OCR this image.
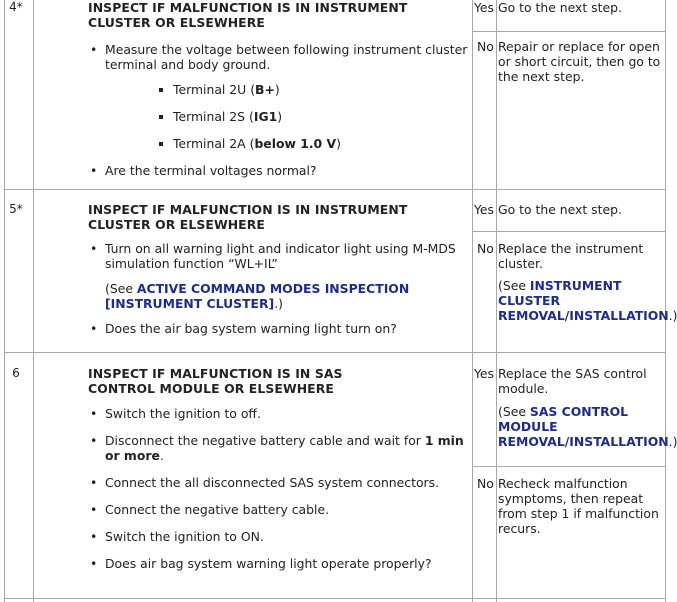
4*	INSPECT IF MALFUNCTION IS IN INSTRUMENT
CLUSTER OR ELSEWHERE

• Measure the voltage between following instrument cluster terminal and body ground.
Terminal 2U (B+)
Terminal 2S (IG1)
Terminal 2A (below 1.0 V)
• Are the terminal voltages normal?
Yes Go to the next step.
No Repair or replace for open or short circuit, then go to the next step.
5*	INSPECT IF MALFUNCTION IS IN INSTRUMENT
CLUSTER OR ELSEWHERE

• Turn on all warning light and indicator light using M-MDS simulation function “WL+IL”
(See ACTIVE COMMAND MODES INSPECTION [INSTRUMENT CLUSTER].)
• Does the air bag system warning light turn on?
Yes Go to the next step.
No Replace the instrument cluster.
(See INSTRUMENT CLUSTER REMOVAL/INSTALLATION.)
6	INSPECT IF MALFUNCTION IS IN SAS
CONTROL MODULE OR ELSEWHERE

• Switch the ignition to off.
• Disconnect the negative battery cable and wait for 1 min or more.
• Connect the all disconnected SAS system connectors.
• Connect the negative battery cable.
• Switch the ignition to ON.
• Does air bag system warning light operate properly?
Yes Replace the SAS control module.
(See SAS CONTROL MODULE REMOVAL/INSTALLATION.)
No Recheck malfunction symptoms, then repeat from step 1 if malfunction recurs.
